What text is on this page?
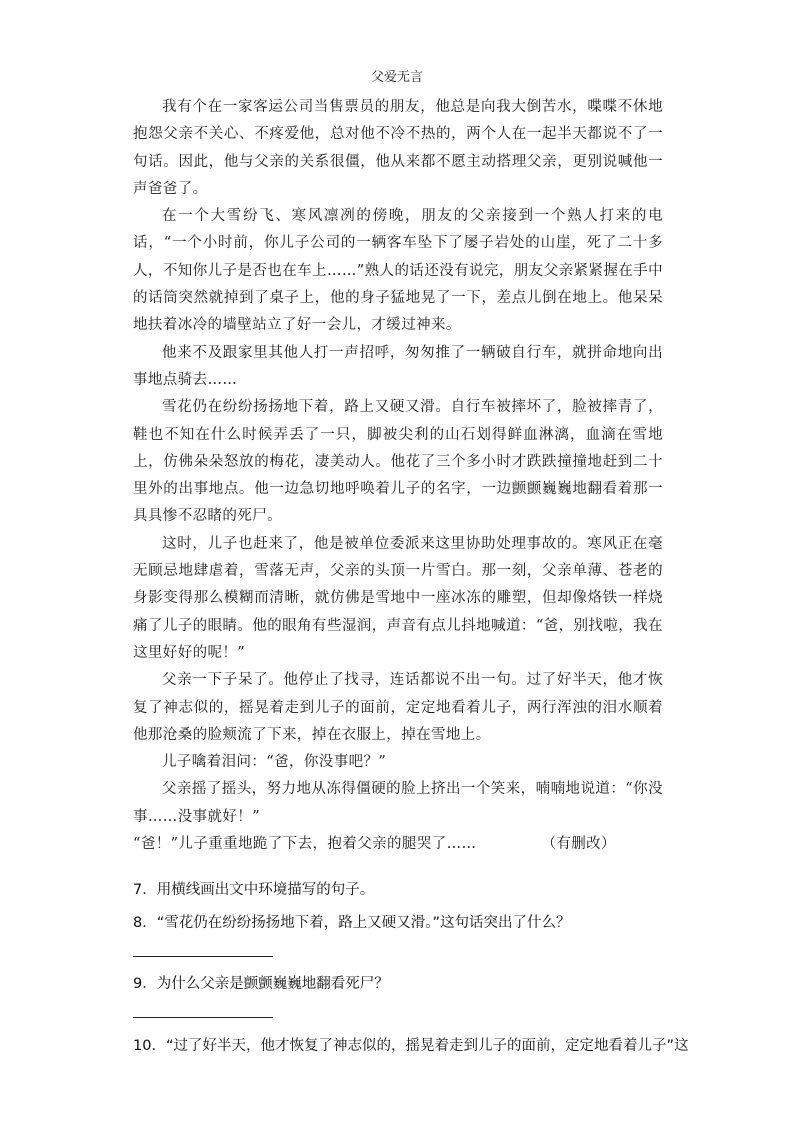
父爱无言

我有个在一家客运公司当售票员的朋友，他总是向我大倒苦水，喋喋不休地抱怨父亲不关心、不疼爱他，总对他不冷不热的，两个人在一起半天都说不了一句话。因此，他与父亲的关系很僵，他从来都不愿主动搭理父亲，更别说喊他一声爸爸了。

在一个大雪纷飞、寒风凛冽的傍晚，朋友的父亲接到一个熟人打来的电话，“一个小时前，你儿子公司的一辆客车坠下了屡子岩处的山崖，死了二十多人，不知你儿子是否也在车上……”熟人的话还没有说完，朋友父亲紧紧握在手中的话筒突然就掉到了桌子上，他的身子猛地晃了一下，差点儿倒在地上。他呆呆地扶着冰冷的墙壁站立了好一会儿，才缓过神来。

他来不及跟家里其他人打一声招呼，匆匆推了一辆破自行车，就拼命地向出事地点骑去……

雪花仍在纷纷扬扬地下着，路上又硬又滑。自行车被摔坏了，脸被摔青了，鞋也不知在什么时候弄丢了一只，脚被尖利的山石划得鲜血淋漓，血滴在雪地上，仿佛朵朵怒放的梅花，凄美动人。他花了三个多小时才跌跌撞撞地赶到二十里外的出事地点。他一边急切地呼唤着儿子的名字，一边颤颤巍巍地翻看着那一具具惨不忍睹的死尸。

这时，儿子也赶来了，他是被单位委派来这里协助处理事故的。寒风正在毫无顾忌地肆虐着，雪落无声，父亲的头顶一片雪白。那一刻，父亲单薄、苍老的身影变得那么模糊而清晰，就仿佛是雪地中一座冰冻的雕塑，但却像烙铁一样烧痛了儿子的眼睛。他的眼角有些湿润，声音有点儿抖地喊道：“爸，别找啦，我在这里好好的呢！”

父亲一下子呆了。他停止了找寻，连话都说不出一句。过了好半天，他才恢复了神志似的，摇晃着走到儿子的面前，定定地看着儿子，两行浑浊的泪水顺着他那沧桑的脸颊流了下来，掉在衣服上，掉在雪地上。

儿子噙着泪问：“爸，你没事吧？”

父亲摇了摇头，努力地从冻得僵硬的脸上挤出一个笑来，喃喃地说道：“你没事……没事就好！”

“爸！”儿子重重地跪了下去，抱着父亲的腿哭了……	（有删改）

7．用横线画出文中环境描写的句子。
8．“雪花仍在纷纷扬扬地下着，路上又硬又滑。”这句话突出了什么？
9．为什么父亲是颤颤巍巍地翻看死尸？
10．“过了好半天，他才恢复了神志似的，摇晃着走到儿子的面前，定定地看着儿子”这
